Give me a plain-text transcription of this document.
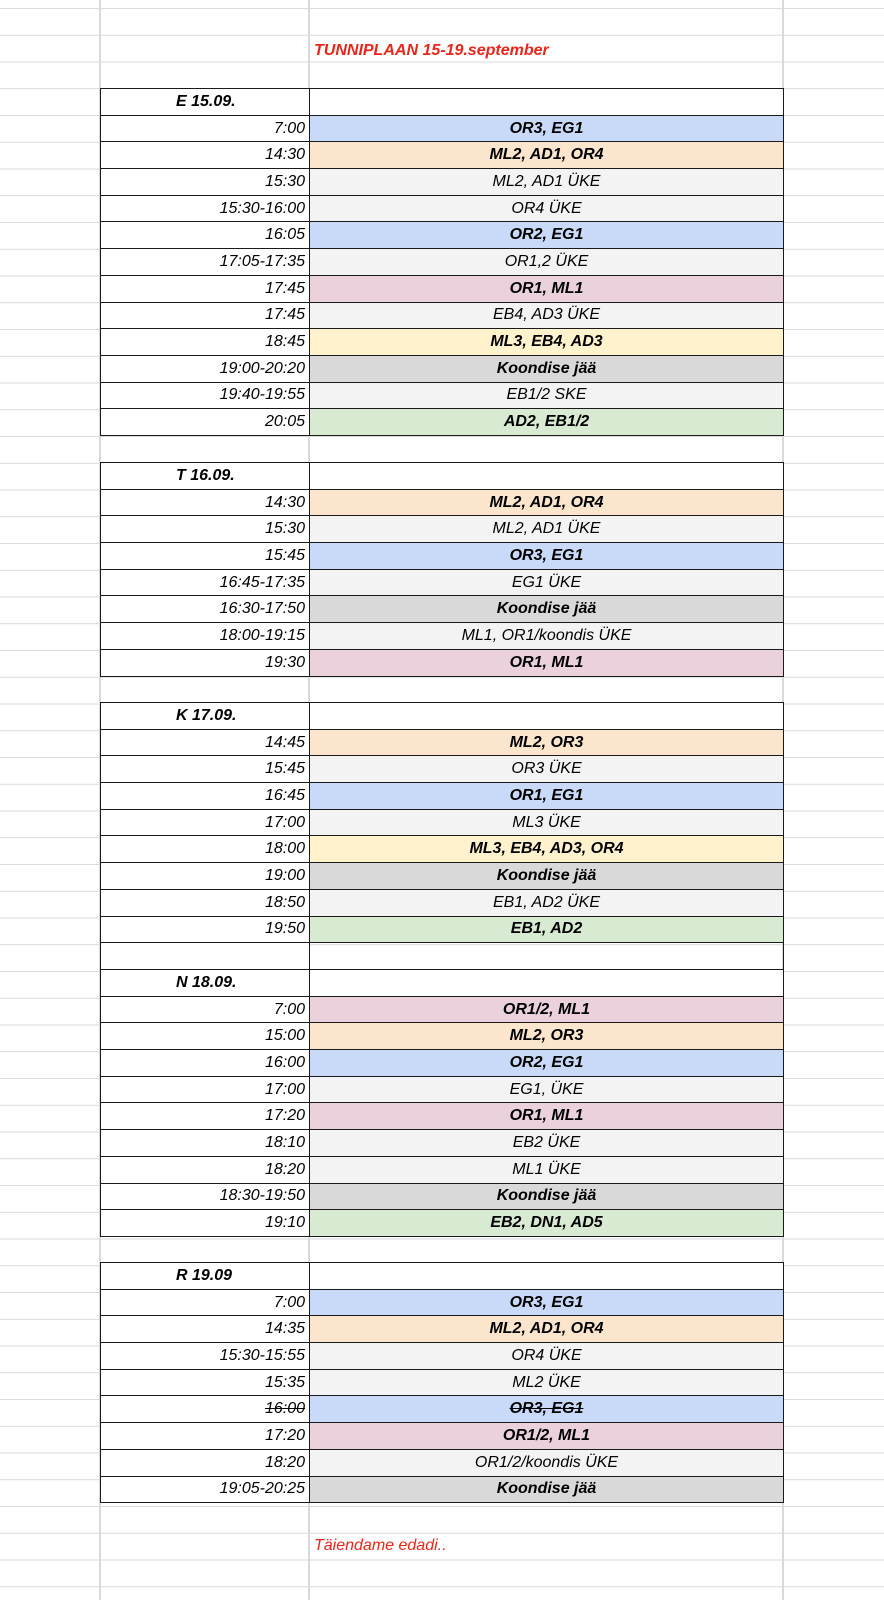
TUNNIPLAAN 15-19.september
E 15.09.	
7:00	OR3, EG1
14:30	ML2, AD1, OR4
15:30	ML2, AD1 ÜKE
15:30-16:00	OR4 ÜKE
16:05	OR2, EG1
17:05-17:35	OR1,2 ÜKE
17:45	OR1, ML1
17:45	EB4, AD3 ÜKE
18:45	ML3, EB4, AD3
19:00-20:20	Koondise jää
19:40-19:55	EB1/2 SKE
20:05	AD2, EB1/2
T 16.09.	
14:30	ML2, AD1, OR4
15:30	ML2, AD1 ÜKE
15:45	OR3, EG1
16:45-17:35	EG1 ÜKE
16:30-17:50	Koondise jää
18:00-19:15	ML1, OR1/koondis ÜKE
19:30	OR1, ML1
K 17.09.	
14:45	ML2, OR3
15:45	OR3 ÜKE
16:45	OR1, EG1
17:00	ML3 ÜKE
18:00	ML3, EB4, AD3, OR4
19:00	Koondise jää
18:50	EB1, AD2 ÜKE
19:50	EB1, AD2

N 18.09.	
7:00	OR1/2, ML1
15:00	ML2, OR3
16:00	OR2, EG1
17:00	EG1, ÜKE
17:20	OR1, ML1
18:10	EB2 ÜKE
18:20	ML1 ÜKE
18:30-19:50	Koondise jää
19:10	EB2, DN1, AD5
R 19.09	
7:00	OR3, EG1
14:35	ML2, AD1, OR4
15:30-15:55	OR4 ÜKE
15:35	ML2 ÜKE
16:00	OR3, EG1
17:20	OR1/2, ML1
18:20	OR1/2/koondis ÜKE
19:05-20:25	Koondise jää
Täiendame edadi..
